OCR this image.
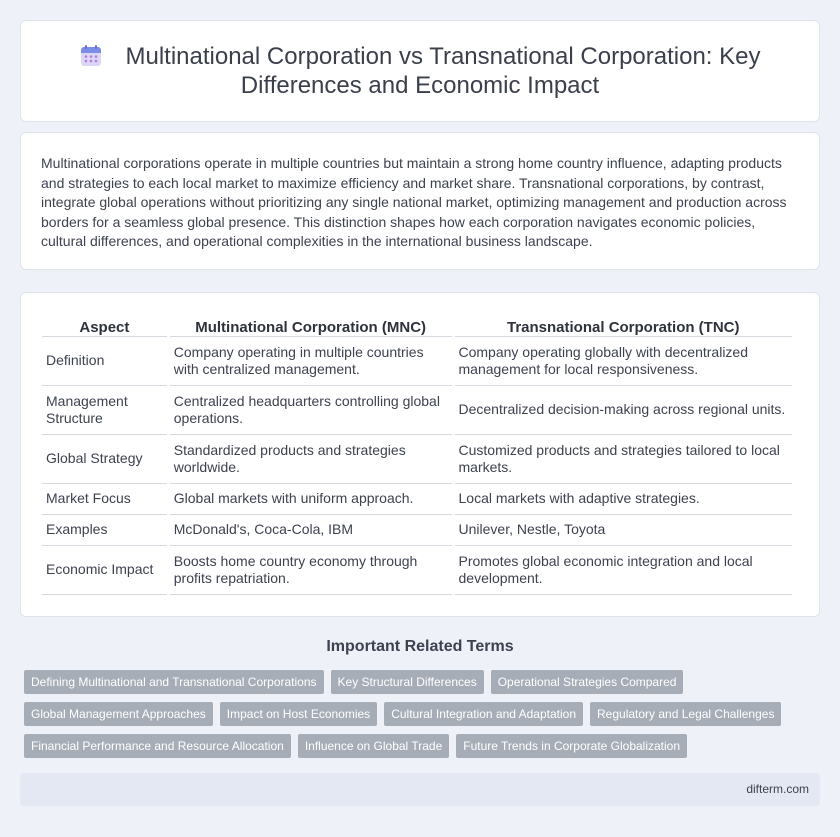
Multinational Corporation vs Transnational Corporation: Key Differences and Economic Impact

Multinational corporations operate in multiple countries but maintain a strong home country influence, adapting products and strategies to each local market to maximize efficiency and market share. Transnational corporations, by contrast, integrate global operations without prioritizing any single national market, optimizing management and production across borders for a seamless global presence. This distinction shapes how each corporation navigates economic policies, cultural differences, and operational complexities in the international business landscape.

Aspect	Multinational Corporation (MNC)	Transnational Corporation (TNC)
Definition	Company operating in multiple countries with centralized management.	Company operating globally with decentralized management for local responsiveness.
Management Structure	Centralized headquarters controlling global operations.	Decentralized decision-making across regional units.
Global Strategy	Standardized products and strategies worldwide.	Customized products and strategies tailored to local markets.
Market Focus	Global markets with uniform approach.	Local markets with adaptive strategies.
Examples	McDonald's, Coca-Cola, IBM	Unilever, Nestle, Toyota
Economic Impact	Boosts home country economy through profits repatriation.	Promotes global economic integration and local development.
Important Related Terms
Defining Multinational and Transnational Corporations	Key Structural Differences	Operational Strategies Compared
Global Management Approaches	Impact on Host Economies	Cultural Integration and Adaptation	Regulatory and Legal Challenges
Financial Performance and Resource Allocation	Influence on Global Trade	Future Trends in Corporate Globalization
difterm.com
